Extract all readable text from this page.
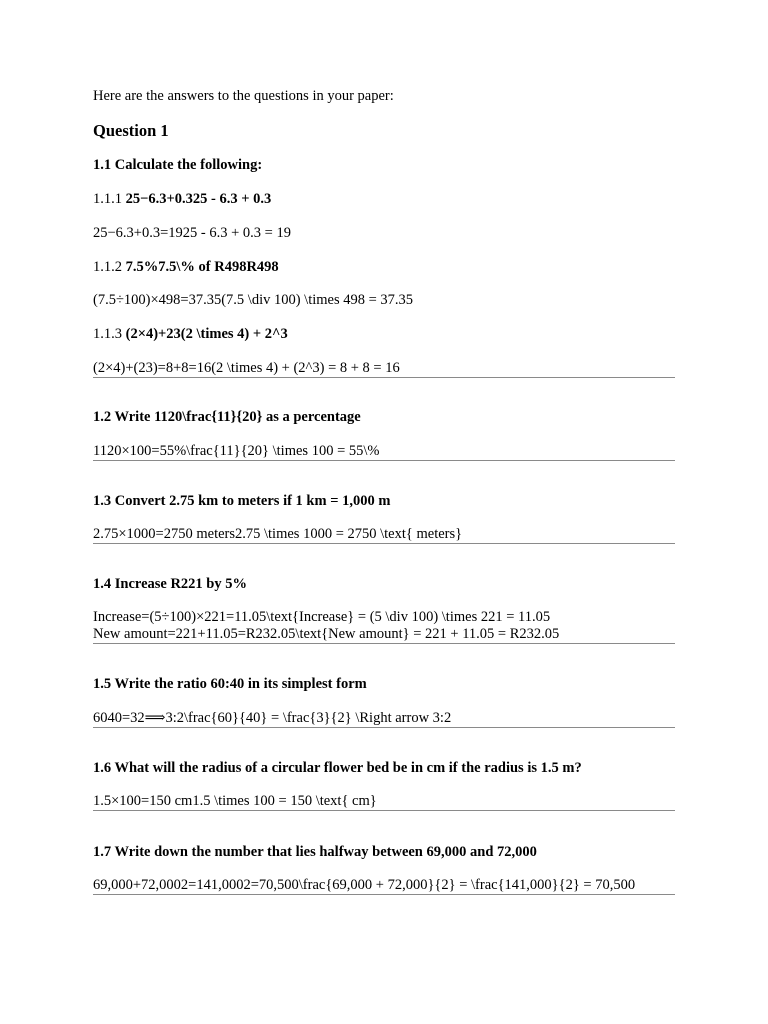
Here are the answers to the questions in your paper:
Question 1
1.1 Calculate the following:
1.1.1 25−6.3+0.325 - 6.3 + 0.3
25−6.3+0.3=1925 - 6.3 + 0.3 = 19
1.1.2 7.5%7.5\% of R498R498
(7.5÷100)×498=37.35(7.5 \div 100) \times 498 = 37.35
1.1.3 (2×4)+23(2 \times 4) + 2^3
(2×4)+(23)=8+8=16(2 \times 4) + (2^3) = 8 + 8 = 16
1.2 Write 1120\frac{11}{20} as a percentage
1120×100=55%\frac{11}{20} \times 100 = 55\%
1.3 Convert 2.75 km to meters if 1 km = 1,000 m
2.75×1000=2750 meters2.75 \times 1000 = 2750 \text{ meters}
1.4 Increase R221 by 5%
Increase=(5÷100)×221=11.05\text{Increase} = (5 \div 100) \times 221 = 11.05
New amount=221+11.05=R232.05\text{New amount} = 221 + 11.05 = R232.05
1.5 Write the ratio 60:40 in its simplest form
6040=32⟹3:2\frac{60}{40} = \frac{3}{2} \Right arrow 3:2
1.6 What will the radius of a circular flower bed be in cm if the radius is 1.5 m?
1.5×100=150 cm1.5 \times 100 = 150 \text{ cm}
1.7 Write down the number that lies halfway between 69,000 and 72,000
69,000+72,0002=141,0002=70,500\frac{69,000 + 72,000}{2} = \frac{141,000}{2} = 70,500
